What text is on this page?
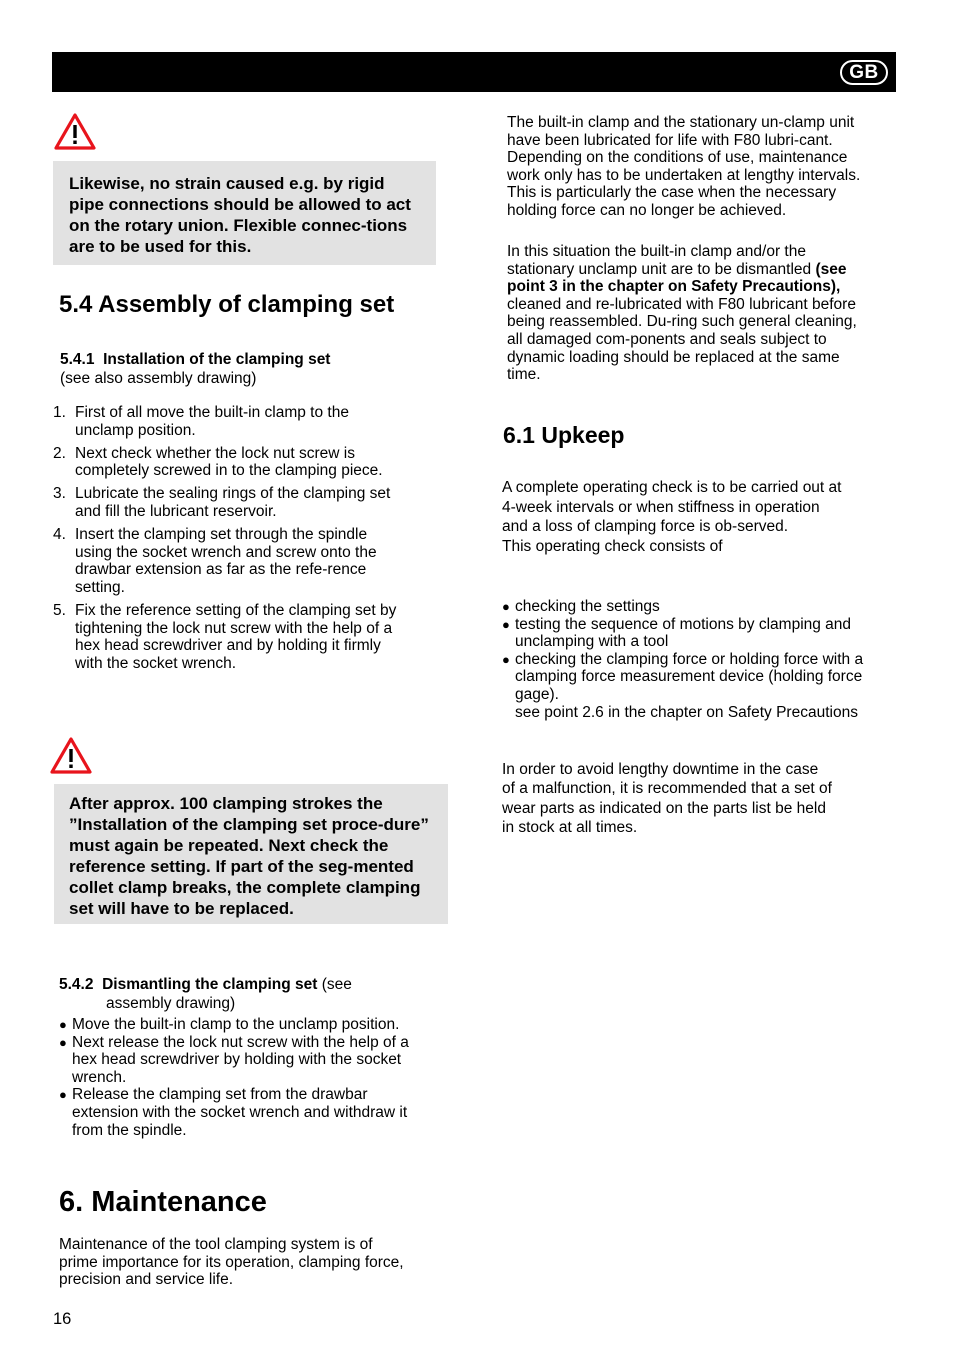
GB

Likewise, no strain caused e.g. by rigid pipe connections should be allowed to act on the rotary union. Flexible connec-tions are to be used for this.

5.4 Assembly of clamping set
5.4.1 Installation of the clamping set
(see also assembly drawing)
1. First of all move the built-in clamp to the unclamp position.
2. Next check whether the lock nut screw is completely screwed in to the clamping piece.
3. Lubricate the sealing rings of the clamping set and fill the lubricant reservoir.
4. Insert the clamping set through the spindle using the socket wrench and screw onto the drawbar extension as far as the refe-rence setting.
5. Fix the reference setting of the clamping set by tightening the lock nut screw with the help of a hex head screwdriver and by holding it firmly with the socket wrench.

After approx. 100 clamping strokes the ”Installation of the clamping set proce-dure” must again be repeated. Next check the reference setting. If part of the seg-mented collet clamp breaks, the complete clamping set will have to be replaced.

5.4.2 Dismantling the clamping set (see
assembly drawing)
● Move the built-in clamp to the unclamp position.
● Next release the lock nut screw with the help of a hex head screwdriver by holding with the socket wrench.
● Release the clamping set from the drawbar extension with the socket wrench and withdraw it from the spindle.
6. Maintenance

Maintenance of the tool clamping system is of prime importance for its operation, clamping force, precision and service life.

The built-in clamp and the stationary un-clamp unit have been lubricated for life with F80 lubri-cant. Depending on the conditions of use, maintenance work only has to be undertaken at lengthy intervals. This is particularly the case when the necessary holding force can no longer be achieved.

In this situation the built-in clamp and/or the stationary unclamp unit are to be dismantled (see point 3 in the chapter on Safety Precautions), cleaned and re-lubricated with F80 lubricant before being reassembled. Du-ring such general cleaning, all damaged com-ponents and seals subject to dynamic loading should be replaced at the same time.

6.1 Upkeep

A complete operating check is to be carried out at 4-week intervals or when stiffness in operation and a loss of clamping force is ob-served.

This operating check consists of

● checking the settings
● testing the sequence of motions by clamping and unclamping with a tool
● checking the clamping force or holding force with a clamping force measurement device (holding force gage).
see point 2.6 in the chapter on Safety Precautions

In order to avoid lengthy downtime in the case of a malfunction, it is recommended that a set of wear parts as indicated on the parts list be held in stock at all times.

16
